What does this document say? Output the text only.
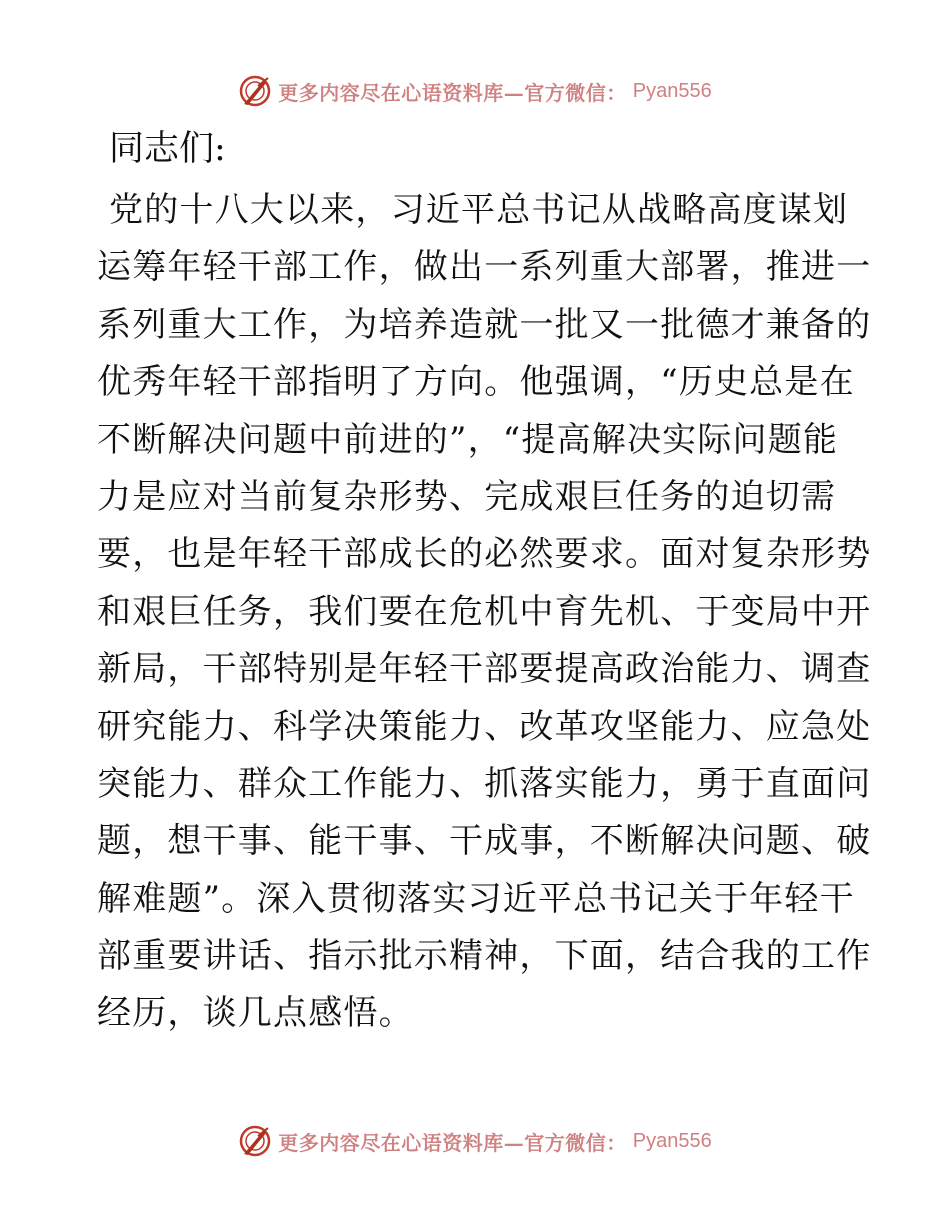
更多内容尽在心语资料库—官方微信： Pyan556
同志们:
党的十八大以来，习近平总书记从战略高度谋划
运筹年轻干部工作，做出一系列重大部署，推进一
系列重大工作，为培养造就一批又一批德才兼备的
优秀年轻干部指明了方向。他强调，“历史总是在
不断解决问题中前进的”，“提高解决实际问题能
力是应对当前复杂形势、完成艰巨任务的迫切需
要，也是年轻干部成长的必然要求。面对复杂形势
和艰巨任务，我们要在危机中育先机、于变局中开
新局，干部特别是年轻干部要提高政治能力、调查
研究能力、科学决策能力、改革攻坚能力、应急处
突能力、群众工作能力、抓落实能力，勇于直面问
题，想干事、能干事、干成事，不断解决问题、破
解难题”。深入贯彻落实习近平总书记关于年轻干
部重要讲话、指示批示精神，下面，结合我的工作
经历，谈几点感悟。
更多内容尽在心语资料库—官方微信： Pyan556
